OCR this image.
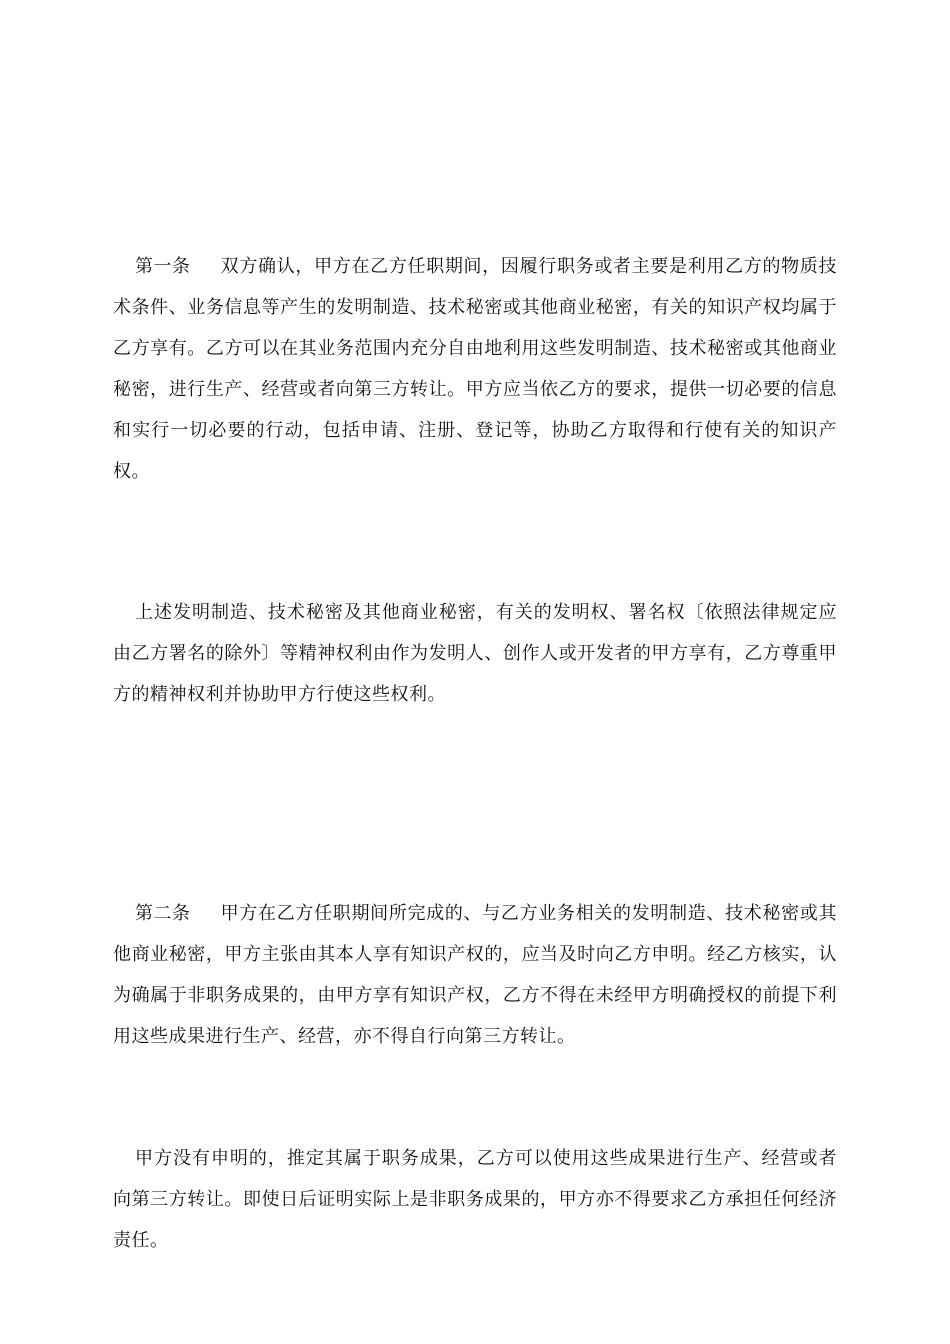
第一条 双方确认，甲方在乙方任职期间，因履行职务或者主要是利用乙方的物质技术条件、业务信息等产生的发明制造、技术秘密或其他商业秘密，有关的知识产权均属于乙方享有。乙方可以在其业务范围内充分自由地利用这些发明制造、技术秘密或其他商业秘密，进行生产、经营或者向第三方转让。甲方应当依乙方的要求，提供一切必要的信息和实行一切必要的行动，包括申请、注册、登记等，协助乙方取得和行使有关的知识产权。

上述发明制造、技术秘密及其他商业秘密，有关的发明权、署名权〔依照法律规定应由乙方署名的除外〕等精神权利由作为发明人、创作人或开发者的甲方享有，乙方尊重甲方的精神权利并协助甲方行使这些权利。

第二条 甲方在乙方任职期间所完成的、与乙方业务相关的发明制造、技术秘密或其他商业秘密，甲方主张由其本人享有知识产权的，应当及时向乙方申明。经乙方核实，认为确属于非职务成果的，由甲方享有知识产权，乙方不得在未经甲方明确授权的前提下利用这些成果进行生产、经营，亦不得自行向第三方转让。

甲方没有申明的，推定其属于职务成果，乙方可以使用这些成果进行生产、经营或者向第三方转让。即使日后证明实际上是非职务成果的，甲方亦不得要求乙方承担任何经济责任。
